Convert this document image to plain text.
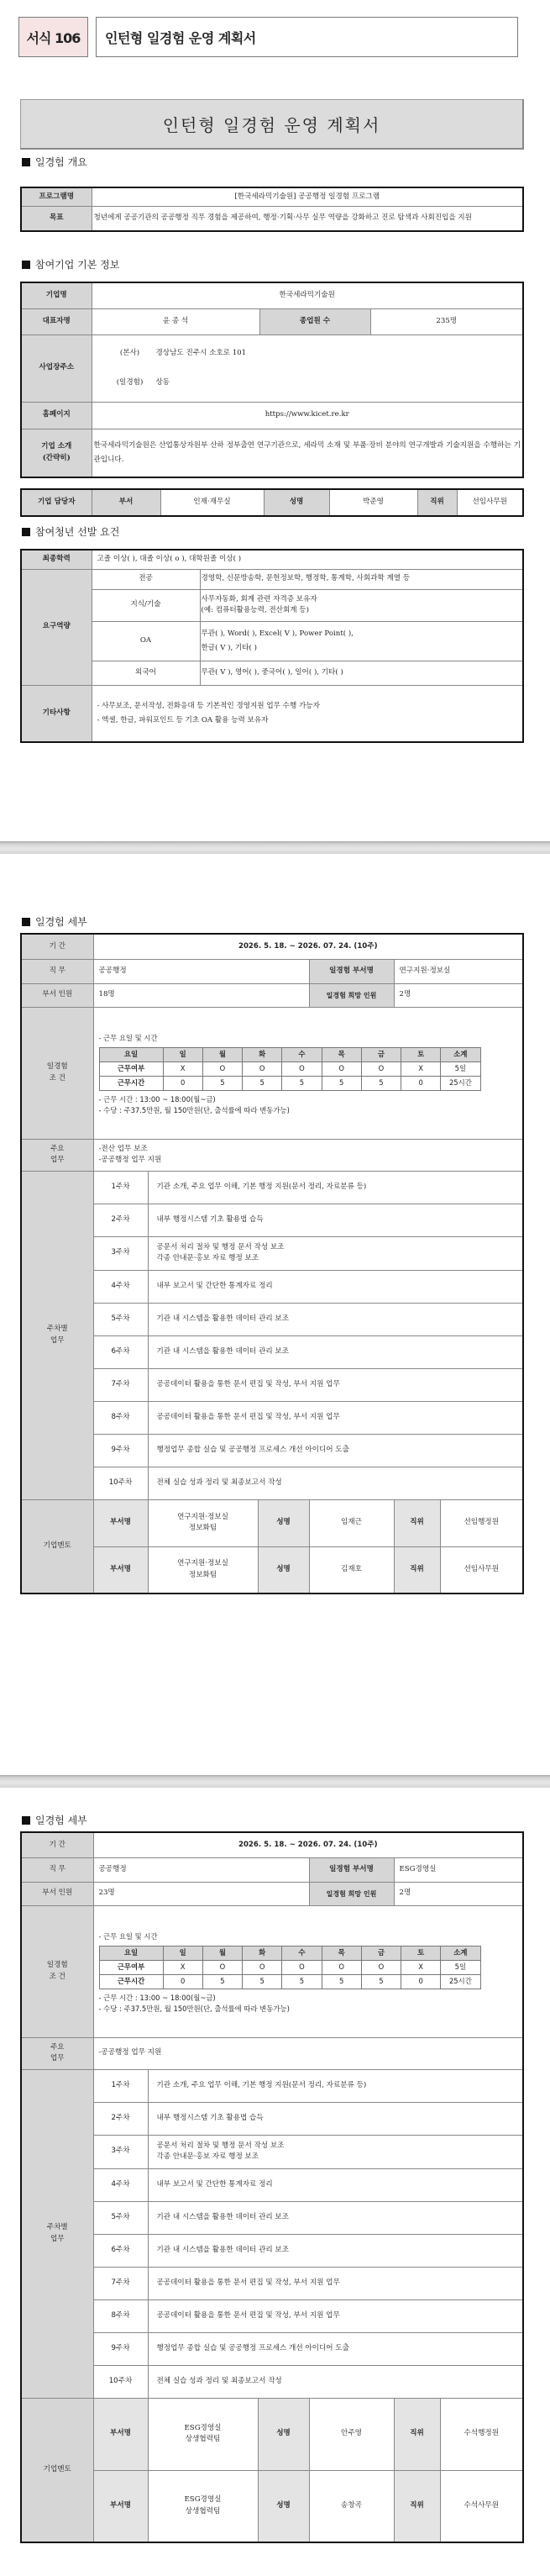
서식 106	인턴형 일경험 운영 계획서
인턴형 일경험 운영 계획서
일경험 개요
프로그램명	[한국세라믹기술원] 공공행정 일경험 프로그램
목표	청년에게 공공기관의 공공행정 직무 경험을 제공하여, 행정·기획·사무 실무 역량을 강화하고 진로 탐색과 사회진입을 지원
참여기업 기본 정보
기업명	한국세라믹기술원		
대표자명	윤 종 석	종업원 수	235명
사업장주소	(본사) 경상남도 진주시 소호로 101
(일경험) 상동		

홈페이지	https://www.kicet.re.kr		

기업 소개
(간략히)	한국세라믹기술원은 산업통상자원부 산하 정부출연 연구기관으로, 세라믹 소재 및 부품·장비 분야의 연구개발과 기술지원을 수행하는 기관입니다.		
기업 담당자	부서	인재·재무실	성명	박준영	직위	선임사무원
참여청년 선발 요건
최종학력	고졸 이상( ), 대졸 이상( o ), 대학원졸 이상( )	
요구역량	전공	경영학, 신문방송학, 문헌정보학, 행정학, 통계학, 사회과학 계열 등
	지식/기술	사무자동화, 회계 관련 자격증 보유자
(예: 컴퓨터활용능력, 전산회계 등)

	OA	무관( ), Word( ), Excel( V ), Power Point( ),
한글( V ), 기타( )

	외국어	무관( V ), 영어( ), 중국어( ), 일어( ), 기타( )
기타사항	- 사무보조, 문서작성, 전화응대 등 기본적인 경영지원 업무 수행 가능자
- 엑셀, 한글, 파워포인트 등 기초 OA 활용 능력 보유자	
일경험 세부
기 간	2026. 5. 18. ~ 2026. 07. 24. (10주)
직 무	공공행정	일경험 부서명	연구지원·정보실
부서 인원	18명	일경험 희망 인원	2명

일경험
조 건

- 근무 요일 및 시간
요일	일	월	화	수	목	금	토	소계
근무여부	X	O	O	O	O	O	X	5일
근무시간	0	5	5	5	5	5	0	25시간
- 근무 시간 : 13:00 ~ 18:00(월~금)
- 수당 : 주37.5만원, 월 150만원(단, 출석률에 따라 변동가능)

주요
업무

-전산 업무 보조
-공공행정 업무 지원

주차별
업무
	1주차	기관 소개, 주요 업무 이해, 기본 행정 지원(문서 정리, 자료분류 등)

2주차	내부 행정시스템 기초 활용법 습득

3주차	
공문서 처리 절차 및 행정 문서 작성 보조
각종 안내문·홍보 자료 행정 보조

4주차	내부 보고서 및 간단한 통계자료 정리

5주차	기관 내 시스템을 활용한 데이터 관리 보조

6주차	기관 내 시스템을 활용한 데이터 관리 보조

7주차	공공데이터 활용을 통한 문서 편집 및 작성, 부서 지원 업무

8주차	공공데이터 활용을 통한 문서 편집 및 작성, 부서 지원 업무

9주차	행정업무 종합 실습 및 공공행정 프로세스 개선 아이디어 도출

10주차	전체 실습 성과 정리 및 최종보고서 작성

기업멘토	부서명	
연구지원·정보실
정보화팀
	성명	임재근	직위	선임행정원
부서명	
연구지원·정보실
정보화팀
	성명	김재호	직위	선임사무원
일경험 세부
기 간	2026. 5. 18. ~ 2026. 07. 24. (10주)
직 무	공공행정	일경험 부서명	ESG경영실
부서 인원	23명	일경험 희망 인원	2명

일경험
조 건

- 근무 요일 및 시간
요일	일	월	화	수	목	금	토	소계
근무여부	X	O	O	O	O	O	X	5일
근무시간	0	5	5	5	5	5	0	25시간
- 근무 시간 : 13:00 ~ 18:00(월~금)
- 수당 : 주37.5만원, 월 150만원(단, 출석률에 따라 변동가능)

주요
업무

-공공행정 업무 지원

주차별
업무
	1주차	기관 소개, 주요 업무 이해, 기본 행정 지원(문서 정리, 자료분류 등)

2주차	내부 행정시스템 기초 활용법 습득

3주차	
공문서 처리 절차 및 행정 문서 작성 보조
각종 안내문·홍보 자료 행정 보조

4주차	내부 보고서 및 간단한 통계자료 정리

5주차	기관 내 시스템을 활용한 데이터 관리 보조

6주차	기관 내 시스템을 활용한 데이터 관리 보조

7주차	공공데이터 활용을 통한 문서 편집 및 작성, 부서 지원 업무

8주차	공공데이터 활용을 통한 문서 편집 및 작성, 부서 지원 업무

9주차	행정업무 종합 실습 및 공공행정 프로세스 개선 아이디어 도출

10주차	전체 실습 성과 정리 및 최종보고서 작성

기업멘토	부서명	
ESG경영실
상생협력팀
	성명	안주영	직위	수석행정원
부서명	
ESG경영실
상생협력팀
	성명	송창곡	직위	수석사무원
